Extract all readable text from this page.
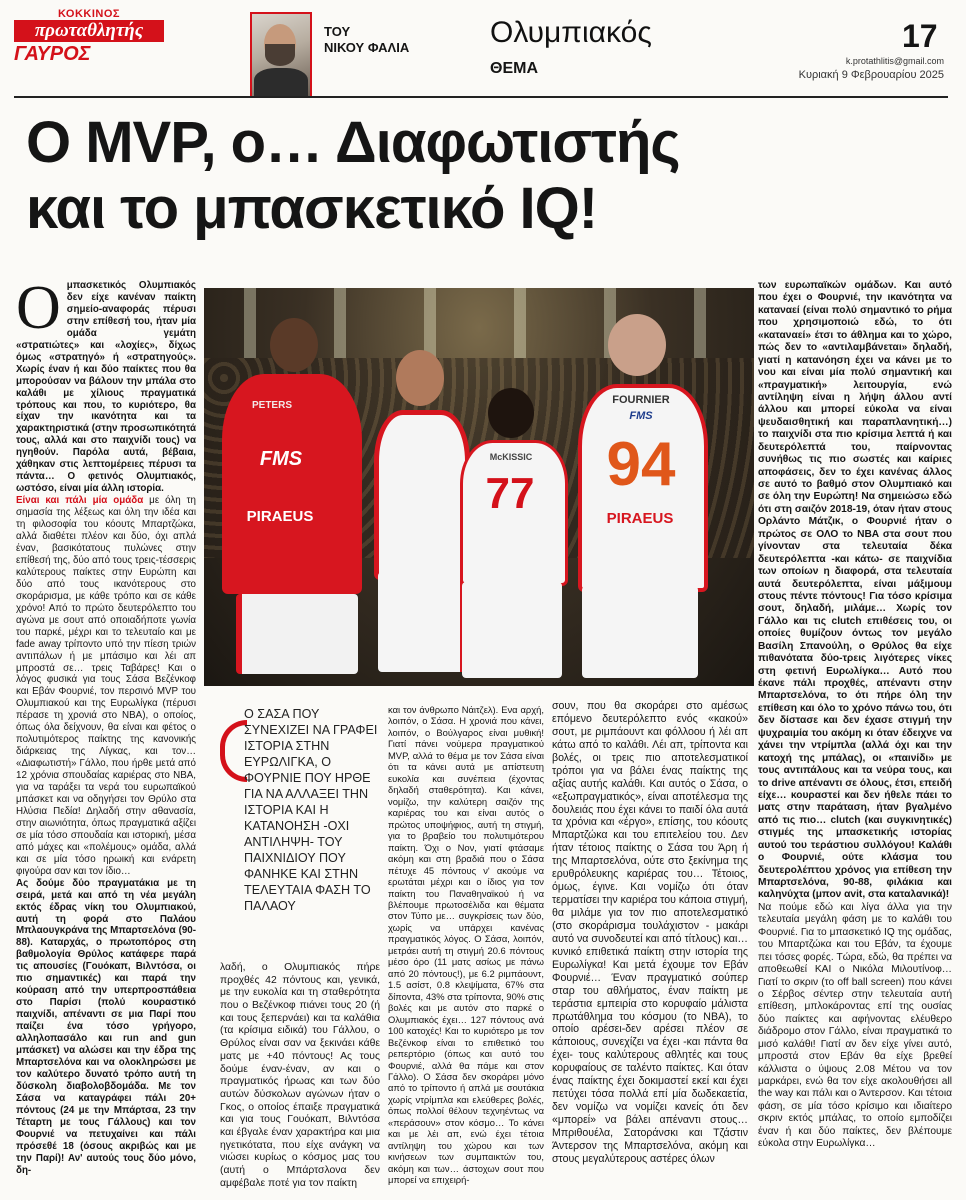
ΚΟΚΚΙΝΟΣ
πρωταθλητής
ΓΑΥΡΟΣ
ΤΟΥ
ΝΙΚΟΥ ΦΑΛΙΑ	Ολυμπιακός
ΘΕΜΑ
17
k.protathlitis@gmail.com
Κυριακή 9 Φεβρουαρίου 2025
Ο MVP, ο… Διαφωτιστής
και το μπασκετικό IQ!
PETERS
FMS
PIRAEUS
McKISSIC
77
FOURNIER
FMS
94
PIRAEUS

Ο μπασκετικός Ολυμπιακός δεν είχε κανέναν παίκτη σημείο-αναφοράς πέρυσι στην επίθεσή του, ήταν μία ομάδα γεμάτη «στρατιώτες» και «λοχίες», δίχως όμως «στρατηγό» ή «στρατηγούς». Χωρίς έναν ή και δύο παίκτες που θα μπορούσαν να βάλουν την μπάλα στο καλάθι με χίλιους πραγματικά τρόπους και που, το κυριότερο, θα είχαν την ικανότητα και τα χαρακτηριστικά (στην προσωπικότητά τους, αλλά και στο παιχνίδι τους) να ηγηθούν. Παρόλα αυτά, βέβαια, χάθηκαν στις λεπτομέρειες πέρυσι τα πάντα… Ο φετινός Ολυμπιακός, ωστόσο, είναι μία άλλη ιστορία.

Είναι και πάλι μία ομάδα με όλη τη σημασία της λέξεως και όλη την ιδέα και τη φιλοσοφία του κόουτς Μπαρτζώκα, αλλά διαθέτει πλέον και δύο, όχι απλά έναν, βασικότατους πυλώνες στην επίθεσή της, δύο από τους τρεις-τέσσερις καλύτερους παίκτες στην Ευρώπη και δύο από τους ικανότερους στο σκοράρισμα, με κάθε τρόπο και σε κάθε χρόνο! Από το πρώτο δευτερόλεπτο του αγώνα με σουτ από οποιαδήποτε γωνία του παρκέ, μέχρι και το τελευταίο και με fade away τρίποντο υπό την πίεση τριών αντιπάλων ή με μπάσιμο και λέι απ μπροστά σε… τρεις Ταβάρες! Και ο λόγος φυσικά για τους Σάσα Βεζένκοφ και Εβάν Φουρνιέ, τον περσινό MVP του Ολυμπιακού και της Ευρωλίγκα (πέρυσι πέρασε τη χρονιά στο NBA), ο οποίος, όπως όλα δείχνουν, θα είναι και φέτος ο πολυτιμότερος παίκτης της κανονικής διάρκειας της Λίγκας, και τον… «Διαφωτιστή» Γάλλο, που ήρθε μετά από 12 χρόνια σπουδαίας καριέρας στο ΝΒΑ, για να ταράξει τα νερά του ευρωπαϊκού μπάσκετ και να οδηγήσει τον Θρύλο στα Ηλύσια Πεδία! Δηλαδή στην αθανασία, στην αιωνιότητα, όπως πραγματικά αξίζει σε μία τόσο σπουδαία και ιστορική, μέσα από μάχες και «πολέμους» ομάδα, αλλά και σε μία τόσο ηρωική και ενάρετη φιγούρα σαν και τον ίδιο…

Ας δούμε δύο πραγματάκια με τη σειρά, μετά και από τη νέα μεγάλη εκτός έδρας νίκη του Ολυμπιακού, αυτή τη φορά στο Παλάου Μπλαουγκράνα της Μπαρτσελόνα (90-88). Καταρχάς, ο πρωτοπόρος στη βαθμολογία Θρύλος κατάφερε παρά τις απουσίες (Γουόκαπ, Βιλντόσα, οι πιο σημαντικές) και παρά την κούραση από την υπερπροσπάθεια στο Παρίσι (πολύ κουραστικό παιχνίδι, απέναντι σε μια Παρί που παίζει ένα τόσο γρήγορο, αλληλοπασάλο και run and gun μπάσκετ) να αλώσει και την έδρα της Μπαρτσελόνα και να ολοκληρώσει με τον καλύτερο δυνατό τρόπο αυτή τη δύσκολη διαβολοβδομάδα. Με τον Σάσα να καταγράφει πάλι 20+ πόντους (24 με την Μπάρτσα, 23 την Τέταρτη με τους Γάλλους) και τον Φουρνιέ να πετυχαίνει και πάλι πρόσεθέ 18 (όσους ακριβώς και με την Παρί)! Αν' αυτούς τους δύο μόνο, δη-

Ο ΣΑΣΑ ΠΟΥ ΣΥΝΕΧΙΖΕΙ ΝΑ ΓΡΑΦΕΙ ΙΣΤΟΡΙΑ ΣΤΗΝ ΕΥΡΩΛΙΓΚΑ, Ο ΦΟΥΡΝΙΕ ΠΟΥ ΗΡΘΕ ΓΙΑ ΝΑ ΑΛΛΑΞΕΙ ΤΗΝ ΙΣΤΟΡΙΑ ΚΑΙ Η ΚΑΤΑΝΟΗΣΗ -ΟΧΙ ΑΝΤΙΛΗΨΗ- ΤΟΥ ΠΑΙΧΝΙΔΙΟΥ ΠΟΥ ΦΑΝΗΚΕ ΚΑΙ ΣΤΗΝ ΤΕΛΕΥΤΑΙΑ ΦΑΣΗ ΤΟ ΠΑΛΑΟΥ

λαδή, ο Ολυμπιακός πήρε προχθές 42 πόντους και, γενικά, με την ευκολία και τη σταθερότητα που ο Βεζένκοφ πιάνει τους 20 (ή και τους ξεπερνάει) και τα καλάθια (τα κρίσιμα ειδικά) του Γάλλου, ο Θρύλος είναι σαν να ξεκινάει κάθε ματς με +40 πόντους! Ας τους δούμε έναν-έναν, αν και ο πραγματικός ήρωας και των δύο αυτών δύσκολων αγώνων ήταν ο Γκος, ο οποίος έπαιξε πραγματικά και για τους Γουόκαπ, Βιλντόσα και έβγαλε έναν χαρακτήρα και μια ηγετικότατα, που είχε ανάγκη να νιώσει κυρίως ο κόσμος μας του (αυτή ο Μπάρτσλονα δεν αμφέβαλε ποτέ για τον παίκτη

σουν, που θα σκοράρει στο αμέσως επόμενο δευτερόλεπτο ενός «κακού» σουτ, με ριμπάουντ και φόλλοου ή λέι απ κάτω από το καλάθι. Λέι απ, τρίποντα και βολές, οι τρεις πιο αποτελεσματικοί τρόποι για να βάλει ένας παίκτης της αξίας αυτής καλάθι. Και αυτός ο Σάσα, ο «εξωπραγματικός», είναι αποτέλεσμα της δουλειάς που έχει κάνει το παιδί όλα αυτά τα χρόνια και «έργο», επίσης, του κόουτς Μπαρτζώκα και του επιτελείου του. Δεν ήταν τέτοιος παίκτης ο Σάσα του Άρη ή της Μπαρτσελόνα, ούτε στο ξεκίνημα της ερυθρόλευκης καριέρας του… Τέτοιος, όμως, έγινε. Και νομίζω ότι όταν τερματίσει την καριέρα του κάποια στιγμή, θα μιλάμε για τον πιο αποτελεσματικό (στο σκοράρισμα τουλάχιστον - μακάρι αυτό να συνοδευτεί και από τίτλους) και… κυνικό επιθετικά παίκτη στην ιστορία της Ευρωλίγκα! Και μετά έχουμε τον Εβάν Φουρνιέ… Έναν πραγματικό σούπερ σταρ του αθλήματος, έναν παίκτη με τεράστια εμπειρία στο κορυφαίο μάλιστα πρωτάθλημα του κόσμου (το NBA), το οποίο αρέσει-δεν αρέσει πλέον σε κάποιους, συνεχίζει να έχει -και πάντα θα έχει- τους καλύτερους αθλητές και τους κορυφαίους σε ταλέντο παίκτες. Και όταν ένας παίκτης έχει δοκιμαστεί εκεί και έχει πετύχει τόσα πολλά επί μία δωδεκαετία, δεν νομίζω να νομίζει κανείς ότι δεν «μπορεί» να βάλει απέναντι στους… Μπριθουέλα, Σατοράνσκι και Τζάστιν Άντερσον της Μπαρτσελόνα, ακόμη και στους μεγαλύτερους αστέρες όλων

των ευρωπαϊκών ομάδων. Και αυτό που έχει ο Φουρνιέ, την ικανότητα να καταναεί (είναι πολύ σημαντικό το ρήμα που χρησιμοποιώ εδώ, το ότι «καταναεί» έτσι το άθλημα και το χώρο, πώς δεν το «αντιλαμβάνεται» δηλαδή, γιατί η κατανόηση έχει να κάνει με το νου και είναι μία πολύ σημαντική και «πραγματική» λειτουργία, ενώ αντίληψη είναι η λήψη άλλου αντί άλλου και μπορεί εύκολα να είναι ψευδαισθητική και παραπλανητική…) το παιχνίδι στα πιο κρίσιμα λεπτά ή και δευτερόλεπτά του, παίρνοντας συνήθως τις πιο σωστές και καίριες αποφάσεις, δεν το έχει κανένας άλλος σε αυτό το βαθμό στον Ολυμπιακό και σε όλη την Ευρώπη! Να σημειώσω εδώ ότι στη σαιζόν 2018-19, όταν ήταν στους Ορλάντο Μάτζικ, ο Φουρνιέ ήταν ο πρώτος σε ΟΛΟ το NBA στα σουτ που γίνονταν στα τελευταία δέκα δευτερόλεπτα -και κάτω- σε παιχνίδια των οποίων η διαφορά, στα τελευταία αυτά δευτερόλεπτα, είναι μάξιμουμ στους πέντε πόντους! Για τόσο κρίσιμα σουτ, δηλαδή, μιλάμε… Χωρίς τον Γάλλο και τις clutch επιθέσεις του, οι οποίες θυμίζουν όντως τον μεγάλο Βασίλη Σπανούλη, ο Θρύλος θα είχε πιθανότατα δύο-τρεις λιγότερες νίκες στη φετινή Ευρωλίγκα… Αυτό που έκανε πάλι προχθές, απέναντι στην Μπαρτσελόνα, το ότι πήρε όλη την επίθεση και όλο το χρόνο πάνω του, ότι δεν δίστασε και δεν έχασε στιγμή την ψυχραιμία του ακόμη κι όταν έδειχνε να χάνει την ντρίμπλα (αλλά όχι και την κατοχή της μπάλας), οι «παινίδι» με τους αντιπάλους και τα νεύρα τους, και το drive απέναντι σε όλους, έτσι, επειδή είχε… κουραστεί και δεν ήθελε πάει το ματς στην παράταση, ήταν βγαλμένο από τις πιο… clutch (και συγκινητικές) στιγμές της μπασκετικής ιστορίας αυτού του τεράστιου συλλόγου! Καλάθι ο Φουρνιέ, ούτε κλάσμα του δευτερολέπτου χρόνος για επίθεση την Μπαρτσελόνα, 90-88, φιλάκια και καληνύχτα (μπον αvit, στα καταλανικά)!

Να πούμε εδώ και λίγα άλλα για την τελευταία μεγάλη φάση με το καλάθι του Φουρνιέ. Για το μπασκετικό IQ της ομάδας, του Μπαρτζώκα και του Εβάν, τα έχουμε πει τόσες φορές. Τώρα, εδώ, θα πρέπει να αποθεωθεί ΚΑΙ ο Νικόλα Μιλουτίνοφ… Γιατί το σκριν (το off ball screen) που κάνει ο Σέρβος σέντερ στην τελευταία αυτή επίθεση, μπλοκάροντας επί της ουσίας δύο παίκτες και αφήνοντας ελέυθερο διάδρομο στον Γάλλο, είναι πραγματικά το μισό καλάθι! Γιατί αν δεν είχε γίνει αυτό, μπροστά στον Εβάν θα είχε βρεθεί κάλλιστα ο ύψους 2.08 Μέτου να τον μαρκάρει, ενώ θα τον είχε ακολουθήσει all the way και πάλι και ο Άντερσον. Και τέτοια φάση, σε μία τόσο κρίσιμο και ιδιαίτερο σκριν εκτός μπάλας, το οποίο εμποδίζει έναν ή και δύο παίκτες, δεν βλέπουμε εύκολα στην Ευρωλίγκα…

και τον άνθρωπο Νάιτζελ). Ενα αρχή, λοιπόν, ο Σάσα. Η χρονιά που κάνει, λοιπόν, ο Βούλγαρος είναι μυθική! Γιατί πάνει νούμερα πραγματικού MVP, αλλά το θέμα με τον Σάσα είναι ότι τα κάνει αυτά με απίστευτη ευκολία και συνέπεια (έχοντας δηλαδή σταθερότητα). Και κάνει, νομίζω, την καλύτερη σαιζόν της καριέρας του και είναι αυτός ο πρώτος υποψήφιος, αυτή τη στιγμή, για το βραβείο του πολυτιμότερου παίκτη. Όχι ο Νον, γιατί φτάσαμε ακόμη και στη βραδιά που ο Σάσα πέτυχε 45 πόντους ν' ακούμε να ερωτάται μέχρι και ο ίδιος για τον παίκτη του Παναθηναϊκού ή να βλέπουμε πρωτοσέλιδα και θέματα στον Τύπο με… συγκρίσεις των δύο, χωρίς να υπάρχει κανένας πραγματικός λόγος. Ο Σάσα, λοιπόν, μετράει αυτή τη στιγμή 20.6 πόντους μέσο όρο (11 ματς ασίως με πάνω από 20 πόντους!), με 6.2 ριμπάουντ, 1.5 ασίστ, 0.8 κλεψίματα, 67% στα δίποντα, 43% στα τρίποντα, 90% στις βολές και με αυτόν στο παρκέ ο Ολυμπιακός έχει… 127 πόντους ανά 100 κατοχές! Και το κυριότερο με τον Βεζένκοφ είναι το επιθετικό του ρεπερτόριο (όπως και αυτό του Φουρνιέ, αλλά θα πάμε και στον Γάλλο). Ο Σάσα δεν σκοράρει μόνο από το τρίποντο ή απλά με σουτάκια χωρίς ντρίμπλα και ελεύθερες βολές, όπως πολλοί θέλουν τεχνηέντως να «περάσουν» στον κόσμο… Το κάνει και με λέι απ, ενώ έχει τέτοια αντίληψη του χώρου και των κινήσεων των συμπαικτών του, ακόμη και των… άστοχων σουτ που μπορεί να επιχειρή-
